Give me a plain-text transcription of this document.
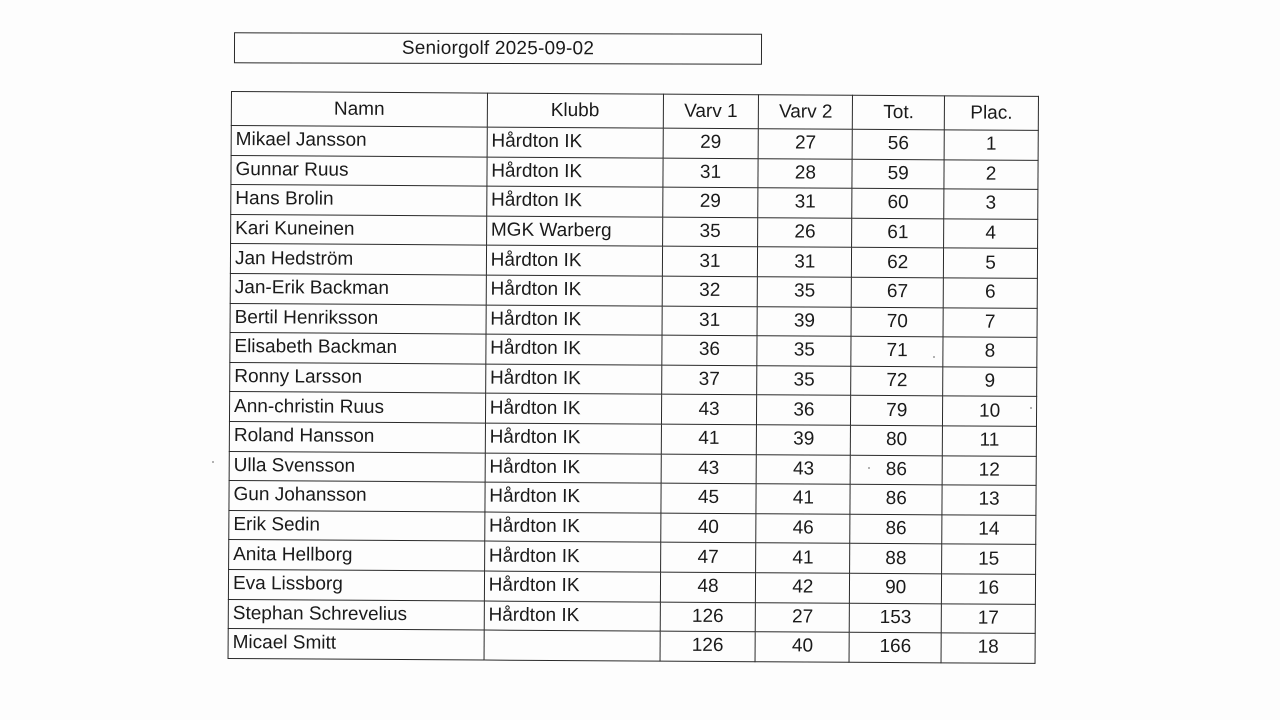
Seniorgolf 2025-09-02
Namn	Klubb	Varv 1	Varv 2	Tot.	Plac.
Mikael Jansson	Hårdton IK	29	27	56	1
Gunnar Ruus	Hårdton IK	31	28	59	2
Hans Brolin	Hårdton IK	29	31	60	3
Kari Kuneinen	MGK Warberg	35	26	61	4
Jan Hedström	Hårdton IK	31	31	62	5
Jan-Erik Backman	Hårdton IK	32	35	67	6
Bertil Henriksson	Hårdton IK	31	39	70	7
Elisabeth Backman	Hårdton IK	36	35	71	8
Ronny Larsson	Hårdton IK	37	35	72	9
Ann-christin Ruus	Hårdton IK	43	36	79	10
Roland Hansson	Hårdton IK	41	39	80	11
Ulla Svensson	Hårdton IK	43	43	86	12
Gun Johansson	Hårdton IK	45	41	86	13
Erik Sedin	Hårdton IK	40	46	86	14
Anita Hellborg	Hårdton IK	47	41	88	15
Eva Lissborg	Hårdton IK	48	42	90	16
Stephan Schrevelius	Hårdton IK	126	27	153	17
Micael Smitt		126	40	166	18
